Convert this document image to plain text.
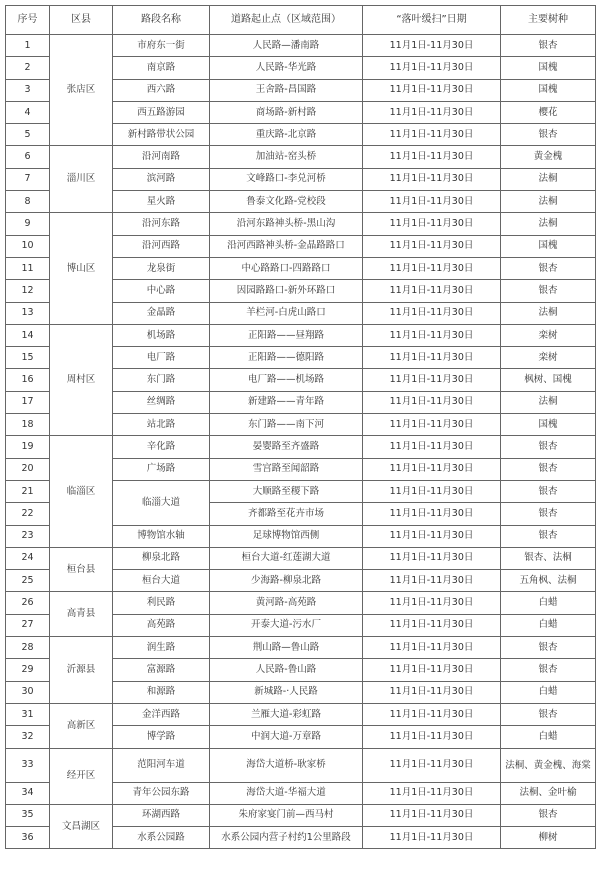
序号	区县	路段名称	道路起止点（区域范围）	“落叶缓扫”日期	主要树种
1	张店区	市府东一街	人民路—潘南路	11月1日-11月30日	银杏
2		南京路	人民路-华光路	11月1日-11月30日	国槐
3		西六路	王舍路-昌国路	11月1日-11月30日	国槐
4		西五路游园	商场路-新村路	11月1日-11月30日	樱花
5		新村路带状公园	重庆路-北京路	11月1日-11月30日	银杏
6	淄川区	沿河南路	加油站-窑头桥	11月1日-11月30日	黄金槐
7		滨河路	文峰路口-李兑河桥	11月1日-11月30日	法桐
8		星火路	鲁泰文化路-党校段	11月1日-11月30日	法桐
9	博山区	沿河东路	沿河东路神头桥-黑山沟	11月1日-11月30日	法桐
10		沿河西路	沿河西路神头桥-金晶路路口	11月1日-11月30日	国槐
11		龙泉街	中心路路口-四路路口	11月1日-11月30日	银杏
12		中心路	因园路路口-新外环路口	11月1日-11月30日	银杏
13		金晶路	羊栏河-白虎山路口	11月1日-11月30日	法桐
14	周村区	机场路	正阳路——昼翔路	11月1日-11月30日	栾树
15		电厂路	正阳路——德阳路	11月1日-11月30日	栾树
16		东门路	电厂路——机场路	11月1日-11月30日	枫树、国槐
17		丝绸路	新建路——青年路	11月1日-11月30日	法桐
18		站北路	东门路——南下河	11月1日-11月30日	国槐
19	临淄区	辛化路	晏婴路至齐盛路	11月1日-11月30日	银杏
20		广场路	雪宫路至闻韶路	11月1日-11月30日	银杏
21		临淄大道	大顺路至稷下路	11月1日-11月30日	银杏
22			齐都路至花卉市场	11月1日-11月30日	银杏
23		博物馆水轴	足球博物馆西侧	11月1日-11月30日	银杏
24	桓台县	柳泉北路	桓台大道-红莲湖大道	11月1日-11月30日	银杏、法桐
25		桓台大道	少海路-柳泉北路	11月1日-11月30日	五角枫、法桐
26	高青县	利民路	黄河路-高苑路	11月1日-11月30日	白蜡
27		高苑路	开泰大道-污水厂	11月1日-11月30日	白蜡
28	沂源县	润生路	荆山路—鲁山路	11月1日-11月30日	银杏
29		富源路	人民路-鲁山路	11月1日-11月30日	银杏
30		和源路	新城路-·人民路	11月1日-11月30日	白蜡
31	高新区	金洋西路	兰雁大道-彩虹路	11月1日-11月30日	银杏
32		博学路	中润大道-万章路	11月1日-11月30日	白蜡
33	经开区	范阳河车道	海岱大道桥-耿家桥	11月1日-11月30日	法桐、黄金槐、海棠
34		青年公园东路	海岱大道-华福大道	11月1日-11月30日	法桐、金叶榆
35	文昌湖区	环湖西路	朱府家宴门前—西马村	11月1日-11月30日	银杏
36		水系公园路	水系公园内营子村约1公里路段	11月1日-11月30日	柳树
